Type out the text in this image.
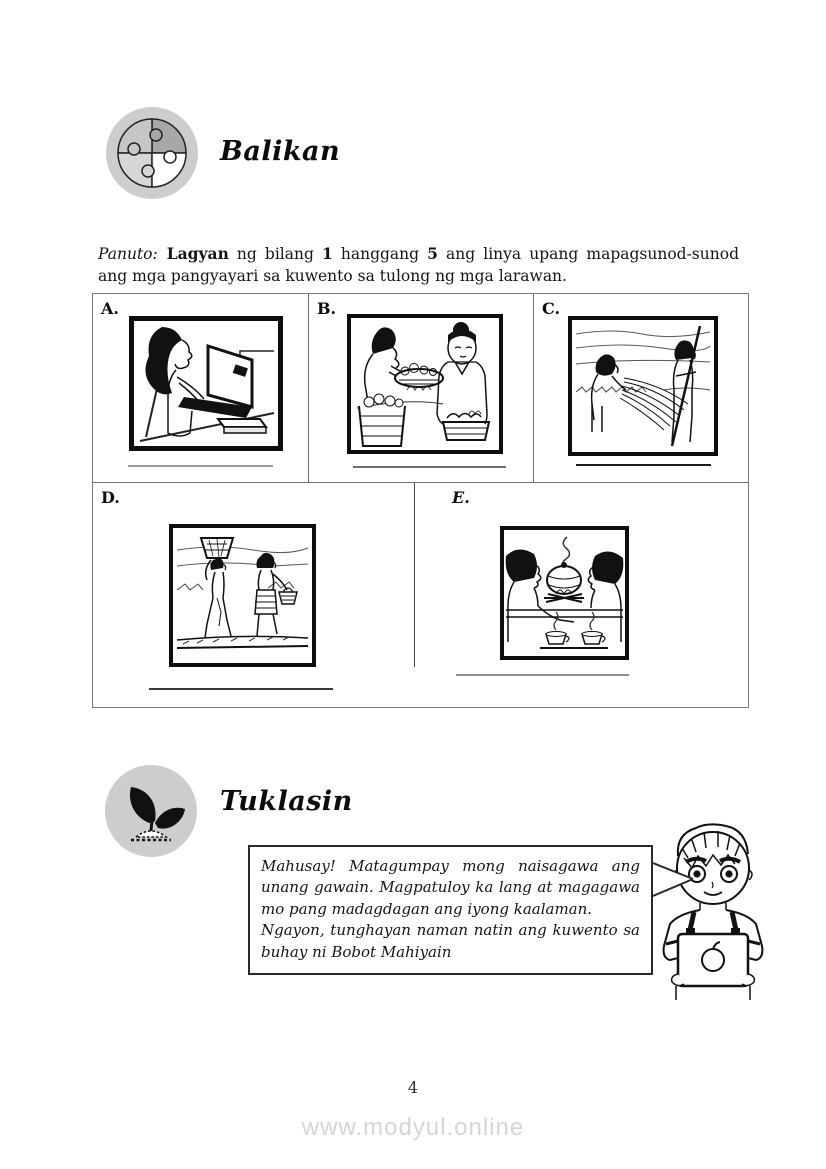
Balikan
Panuto: Lagyan ng bilang 1 hanggang 5 ang linya upang mapagsunod-sunod ang mga pangyayari sa kuwento sa tulong ng mga larawan.
A.	B.	C.
D.	E.
Tuklasin

Mahusay! Matagumpay mong naisagawa ang unang gawain. Magpatuloy ka lang at magagawa mo pang madagdagan ang iyong kaalaman.

Ngayon, tunghayan naman natin ang kuwento sa buhay ni Bobot Mahiyain

4
www.modyul.online
